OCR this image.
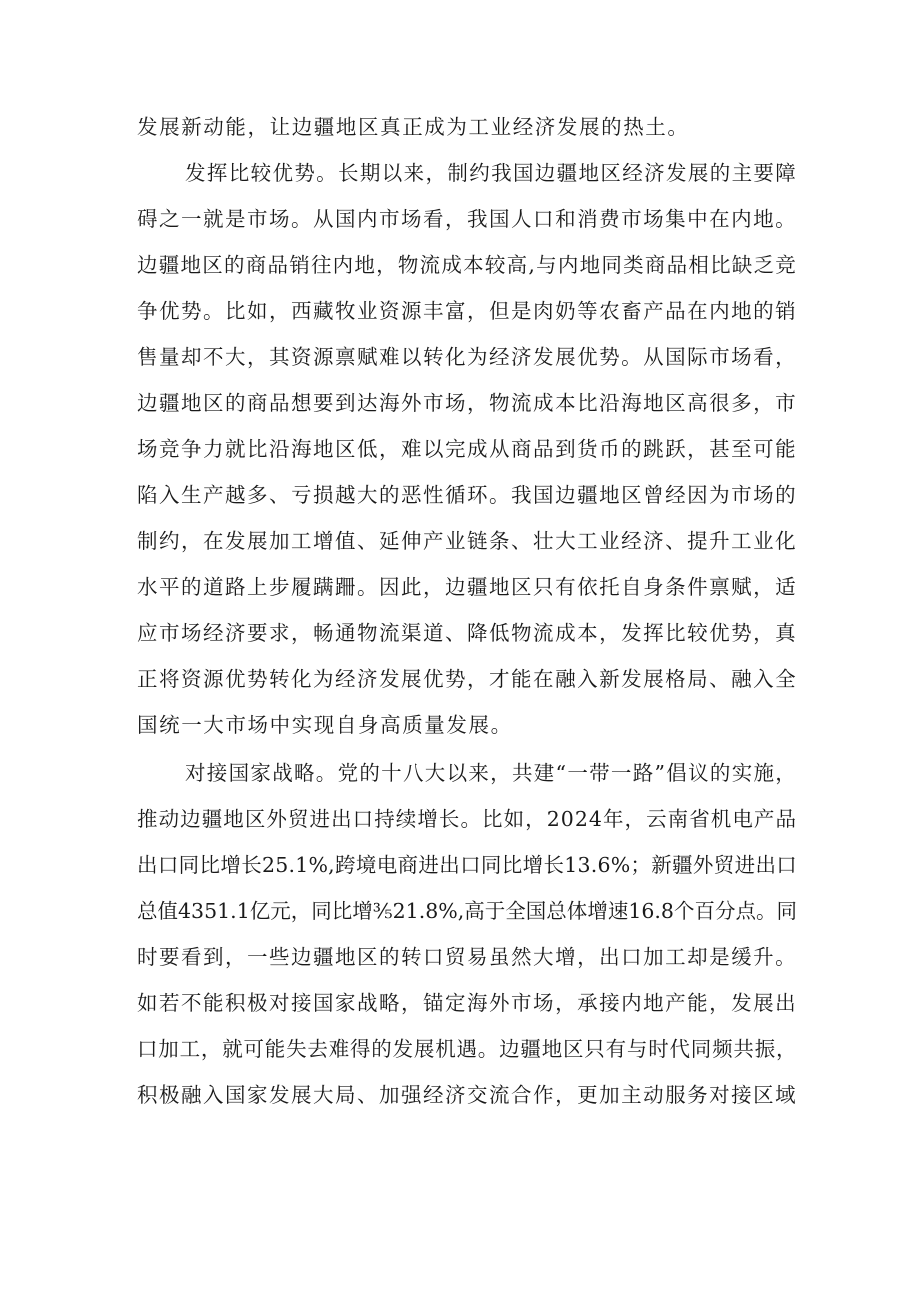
发展新动能，让边疆地区真正成为工业经济发展的热土。
发挥比较优势。长期以来，制约我国边疆地区经济发展的主要障
碍之一就是市场。从国内市场看，我国人口和消费市场集中在内地。
边疆地区的商品销往内地，物流成本较高,与内地同类商品相比缺乏竞
争优势。比如，西藏牧业资源丰富，但是肉奶等农畜产品在内地的销
售量却不大，其资源禀赋难以转化为经济发展优势。从国际市场看，
边疆地区的商品想要到达海外市场，物流成本比沿海地区高很多，市
场竞争力就比沿海地区低，难以完成从商品到货币的跳跃，甚至可能
陷入生产越多、亏损越大的恶性循环。我国边疆地区曾经因为市场的
制约，在发展加工增值、延伸产业链条、壮大工业经济、提升工业化
水平的道路上步履蹒跚。因此，边疆地区只有依托自身条件禀赋，适
应市场经济要求，畅通物流渠道、降低物流成本，发挥比较优势，真
正将资源优势转化为经济发展优势，才能在融入新发展格局、融入全
国统一大市场中实现自身高质量发展。
对接国家战略。党的十八大以来，共建“一带一路”倡议的实施，
推动边疆地区外贸进出口持续增长。比如，2024年，云南省机电产品
出口同比增长25.1%,跨境电商进出口同比增长13.6%；新疆外贸进出口
总值4351.1亿元，同比增⅗21.8%,高于全国总体增速16.8个百分点。同
时要看到，一些边疆地区的转口贸易虽然大增，出口加工却是缓升。
如若不能积极对接国家战略，锚定海外市场，承接内地产能，发展出
口加工，就可能失去难得的发展机遇。边疆地区只有与时代同频共振，
积极融入国家发展大局、加强经济交流合作，更加主动服务对接区域
